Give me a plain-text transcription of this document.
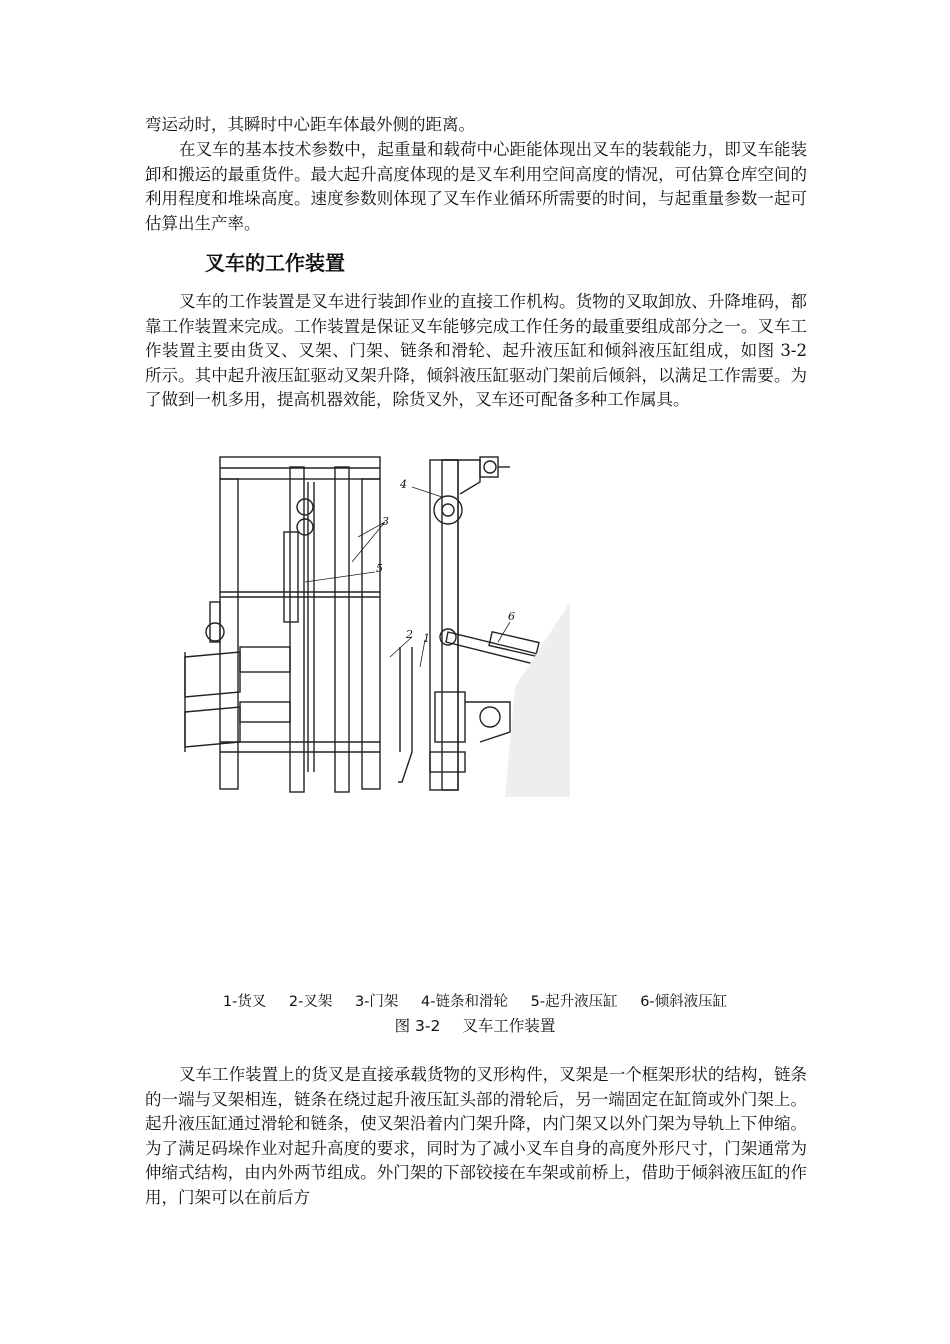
弯运动时，其瞬时中心距车体最外侧的距离。

在叉车的基本技术参数中，起重量和载荷中心距能体现出叉车的装载能力，即叉车能装卸和搬运的最重货件。最大起升高度体现的是叉车利用空间高度的情况，可估算仓库空间的利用程度和堆垛高度。速度参数则体现了叉车作业循环所需要的时间，与起重量参数一起可估算出生产率。

叉车的工作装置

叉车的工作装置是叉车进行装卸作业的直接工作机构。货物的叉取卸放、升降堆码，都靠工作装置来完成。工作装置是保证叉车能够完成工作任务的最重要组成部分之一。叉车工作装置主要由货叉、叉架、门架、链条和滑轮、起升液压缸和倾斜液压缸组成，如图 3-2 所示。其中起升液压缸驱动叉架升降，倾斜液压缸驱动门架前后倾斜，以满足工作需要。为了做到一机多用，提高机器效能，除货叉外，叉车还可配备多种工作属具。

3
5
2 1
4
6
1-货叉 2-叉架 3-门架 4-链条和滑轮 5-起升液压缸 6-倾斜液压缸
图 3-2 叉车工作装置

叉车工作装置上的货叉是直接承载货物的叉形构件，叉架是一个框架形状的结构，链条的一端与叉架相连，链条在绕过起升液压缸头部的滑轮后，另一端固定在缸筒或外门架上。起升液压缸通过滑轮和链条，使叉架沿着内门架升降，内门架又以外门架为导轨上下伸缩。为了满足码垛作业对起升高度的要求，同时为了减小叉车自身的高度外形尺寸，门架通常为伸缩式结构，由内外两节组成。外门架的下部铰接在车架或前桥上，借助于倾斜液压缸的作用，门架可以在前后方
